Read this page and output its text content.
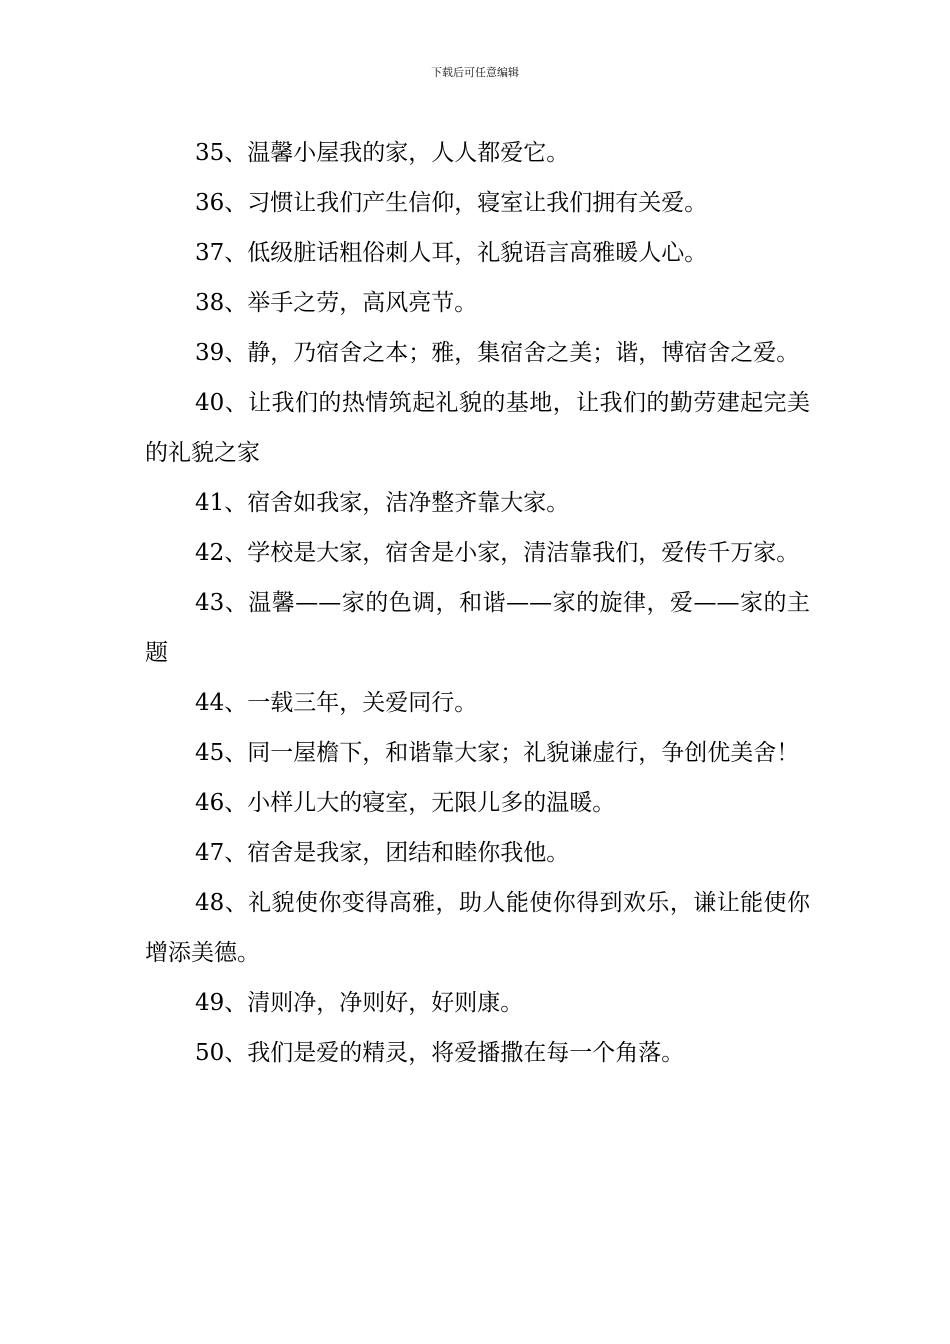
下载后可任意编辑

35、温馨小屋我的家，人人都爱它。

36、习惯让我们产生信仰，寝室让我们拥有关爱。

37、低级脏话粗俗刺人耳，礼貌语言高雅暖人心。

38、举手之劳，高风亮节。

39、静，乃宿舍之本；雅，集宿舍之美；谐，博宿舍之爱。

40、让我们的热情筑起礼貌的基地，让我们的勤劳建起完美的礼貌之家

41、宿舍如我家，洁净整齐靠大家。

42、学校是大家，宿舍是小家，清洁靠我们，爱传千万家。

43、温馨——家的色调，和谐——家的旋律，爱——家的主题

44、一载三年，关爱同行。

45、同一屋檐下，和谐靠大家；礼貌谦虚行，争创优美舍！

46、小样儿大的寝室，无限儿多的温暖。

47、宿舍是我家，团结和睦你我他。

48、礼貌使你变得高雅，助人能使你得到欢乐，谦让能使你增添美德。

49、清则净，净则好，好则康。

50、我们是爱的精灵，将爱播撒在每一个角落。
